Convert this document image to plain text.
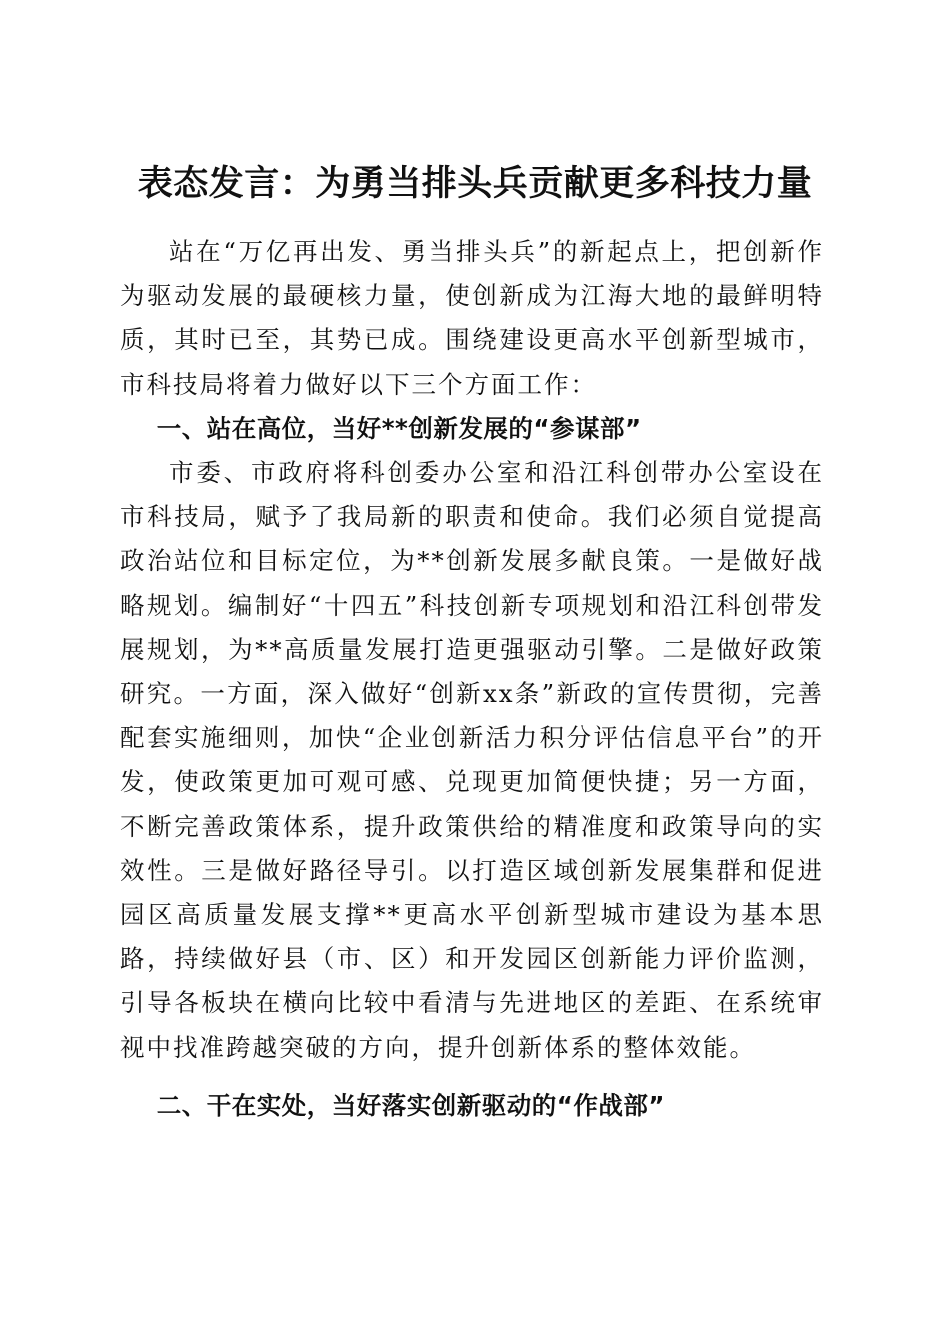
表态发言：为勇当排头兵贡献更多科技力量

站在“万亿再出发、勇当排头兵”的新起点上，把创新作为驱动发展的最硬核力量，使创新成为江海大地的最鲜明特质，其时已至，其势已成。围绕建设更高水平创新型城市，市科技局将着力做好以下三个方面工作：

一、站在高位，当好**创新发展的“参谋部”

市委、市政府将科创委办公室和沿江科创带办公室设在市科技局，赋予了我局新的职责和使命。我们必须自觉提高政治站位和目标定位，为**创新发展多献良策。一是做好战略规划。编制好“十四五”科技创新专项规划和沿江科创带发展规划，为**高质量发展打造更强驱动引擎。二是做好政策研究。一方面，深入做好“创新xx条”新政的宣传贯彻，完善配套实施细则，加快“企业创新活力积分评估信息平台”的开发，使政策更加可观可感、兑现更加简便快捷；另一方面，不断完善政策体系，提升政策供给的精准度和政策导向的实效性。三是做好路径导引。以打造区域创新发展集群和促进园区高质量发展支撑**更高水平创新型城市建设为基本思路，持续做好县（市、区）和开发园区创新能力评价监测，引导各板块在横向比较中看清与先进地区的差距、在系统审视中找准跨越突破的方向，提升创新体系的整体效能。

二、干在实处，当好落实创新驱动的“作战部”
